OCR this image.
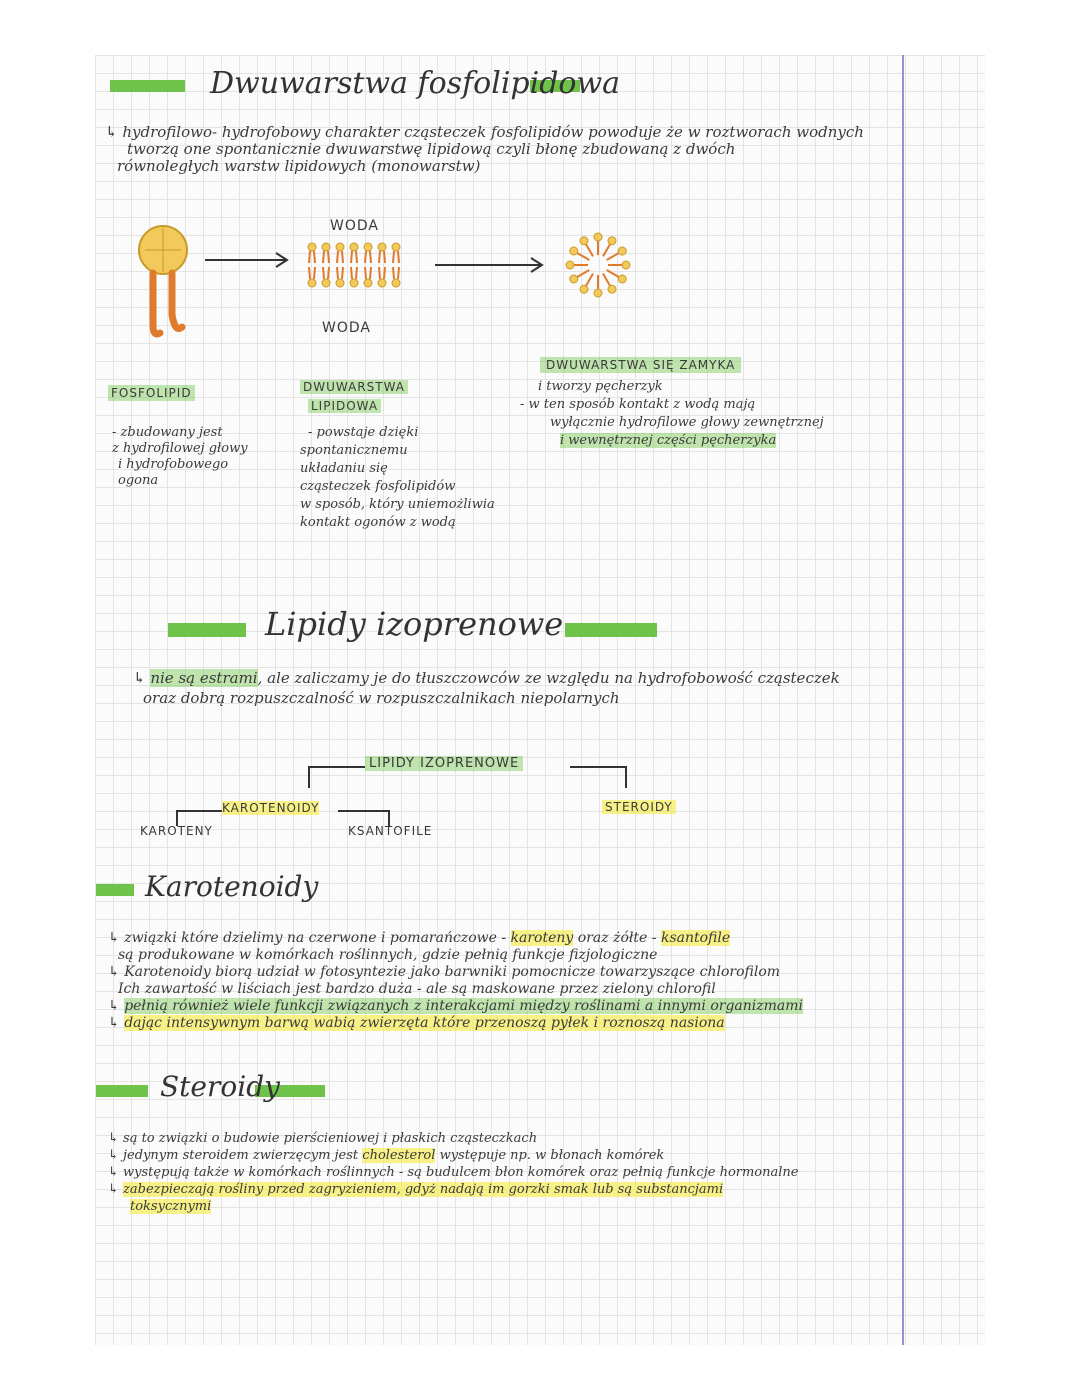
Dwuwarstwa fosfolipidowa
↳ hydrofilowo- hydrofobowy charakter cząsteczek fosfolipidów powoduje że w roztworach wodnych
tworzą one spontanicznie dwuwarstwę lipidową czyli błonę zbudowaną z dwóch
równoległych warstw lipidowych (monowarstw)
WODA
WODA
FOSFOLIPID
- zbudowany jest
z hydrofilowej głowy
i hydrofobowego
ogona
DWUWARSTWA
LIPIDOWA
- powstaje dzięki
spontanicznemu
układaniu się
cząsteczek fosfolipidów
w sposób, który uniemożliwia
kontakt ogonów z wodą
DWUWARSTWA SIĘ ZAMYKA
i tworzy pęcherzyk
- w ten sposób kontakt z wodą mają
wyłącznie hydrofilowe głowy zewnętrznej
i wewnętrznej części pęcherzyka
Lipidy izoprenowe
↳ nie są estrami, ale zaliczamy je do tłuszczowców ze względu na hydrofobowość cząsteczek
oraz dobrą rozpuszczalność w rozpuszczalnikach niepolarnych
LIPIDY IZOPRENOWE
KAROTENOIDY	STEROIDY
KAROTENY	KSANTOFILE
Karotenoidy
↳ związki które dzielimy na czerwone i pomarańczowe - karoteny oraz żółte - ksantofile
są produkowane w komórkach roślinnych, gdzie pełnią funkcje fizjologiczne
↳ Karotenoidy biorą udział w fotosyntezie jako barwniki pomocnicze towarzyszące chlorofilom
Ich zawartość w liściach jest bardzo duża - ale są maskowane przez zielony chlorofil
↳ pełnią również wiele funkcji związanych z interakcjami między roślinami a innymi organizmami
↳ dając intensywnym barwą wabią zwierzęta które przenoszą pyłek i roznoszą nasiona
Steroidy
↳ są to związki o budowie pierścieniowej i płaskich cząsteczkach
↳ jedynym steroidem zwierzęcym jest cholesterol występuje np. w błonach komórek
↳ występują także w komórkach roślinnych - są budulcem błon komórek oraz pełnią funkcje hormonalne
↳ zabezpieczają rośliny przed zagryzieniem, gdyż nadają im gorzki smak lub są substancjami
toksycznymi
